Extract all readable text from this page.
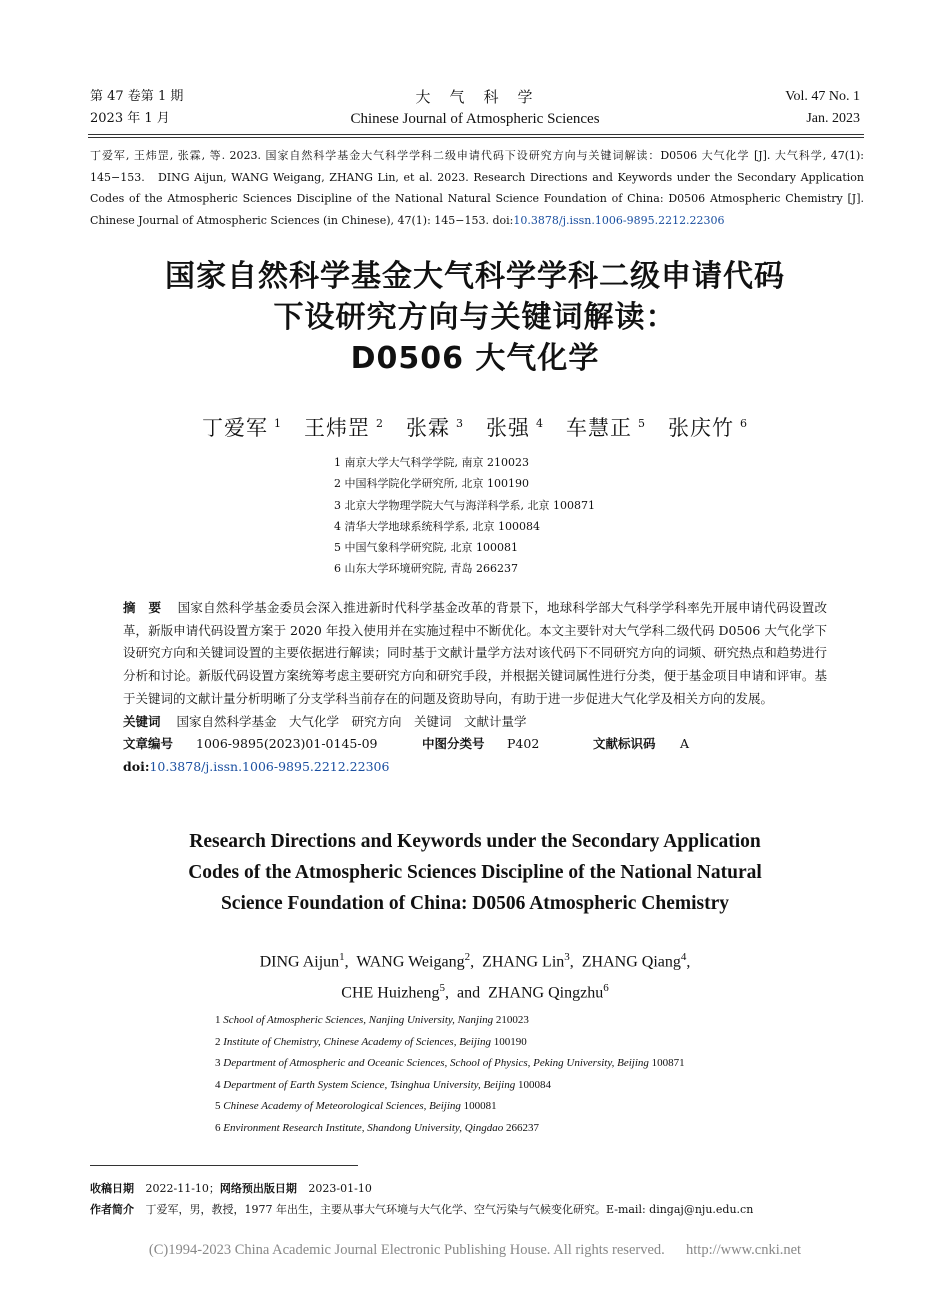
第 47 卷第 1 期
2023 年 1 月
大　气　科　学
Chinese Journal of Atmospheric Sciences
Vol. 47 No. 1
Jan. 2023
丁爱军, 王炜罡, 张霖, 等. 2023. 国家自然科学基金大气科学学科二级申请代码下设研究方向与关键词解读：D0506 大气化学 [J]. 大气科学, 47(1): 145−153.　DING Aijun, WANG Weigang, ZHANG Lin, et al. 2023. Research Directions and Keywords under the Secondary Application Codes of the Atmospheric Sciences Discipline of the National Natural Science Foundation of China: D0506 Atmospheric Chemistry [J]. Chinese Journal of Atmospheric Sciences (in Chinese), 47(1): 145−153. doi:10.3878/j.issn.1006-9895.2212.22306
国家自然科学基金大气科学学科二级申请代码
下设研究方向与关键词解读：
D0506 大气化学
丁爱军 $^1$ 王炜罡 $^2$ 张霖 $^3$ 张强 $^4$ 车慧正 $^5$ 张庆竹 $^6$
1 南京大学大气科学学院, 南京 210023
2 中国科学院化学研究所, 北京 100190
3 北京大学物理学院大气与海洋科学系, 北京 100871
4 清华大学地球系统科学系, 北京 100084
5 中国气象科学研究院, 北京 100081
6 山东大学环境研究院, 青岛 266237
摘　要 国家自然科学基金委员会深入推进新时代科学基金改革的背景下，地球科学部大气科学学科率先开展申请代码设置改革，新版申请代码设置方案于 2020 年投入使用并在实施过程中不断优化。本文主要针对大气学科二级代码 D0506 大气化学下设研究方向和关键词设置的主要依据进行解读；同时基于文献计量学方法对该代码下不同研究方向的词频、研究热点和趋势进行分析和讨论。新版代码设置方案统筹考虑主要研究方向和研究手段，并根据关键词属性进行分类，便于基金项目申请和评审。基于关键词的文献计量分析明晰了分支学科当前存在的问题及资助导向，有助于进一步促进大气化学及相关方向的发展。
关键词 国家自然科学基金　大气化学　研究方向　关键词　文献计量学
文章编号 1006-9895(2023)01-0145-09	中图分类号 P402	文献标识码 A
doi:10.3878/j.issn.1006-9895.2212.22306
Research Directions and Keywords under the Secondary Application
Codes of the Atmospheric Sciences Discipline of the National Natural
Science Foundation of China: D0506 Atmospheric Chemistry
DING Aijun$^1$,  WANG Weigang$^2$,  ZHANG Lin$^3$,  ZHANG Qiang$^4$,
CHE Huizheng$^5$,  and  ZHANG Qingzhu$^6$
1 School of Atmospheric Sciences, Nanjing University, Nanjing 210023
2 Institute of Chemistry, Chinese Academy of Sciences, Beijing 100190
3 Department of Atmospheric and Oceanic Sciences, School of Physics, Peking University, Beijing 100871
4 Department of Earth System Science, Tsinghua University, Beijing 100084
5 Chinese Academy of Meteorological Sciences, Beijing 100081
6 Environment Research Institute, Shandong University, Qingdao 266237
收稿日期 2022-11-10；网络预出版日期 2023-01-10
作者简介 丁爱军，男，教授，1977 年出生，主要从事大气环境与大气化学、空气污染与气候变化研究。E-mail: dingaj@nju.edu.cn
(C)1994-2023 China Academic Journal Electronic Publishing House. All rights reserved. http://www.cnki.net
